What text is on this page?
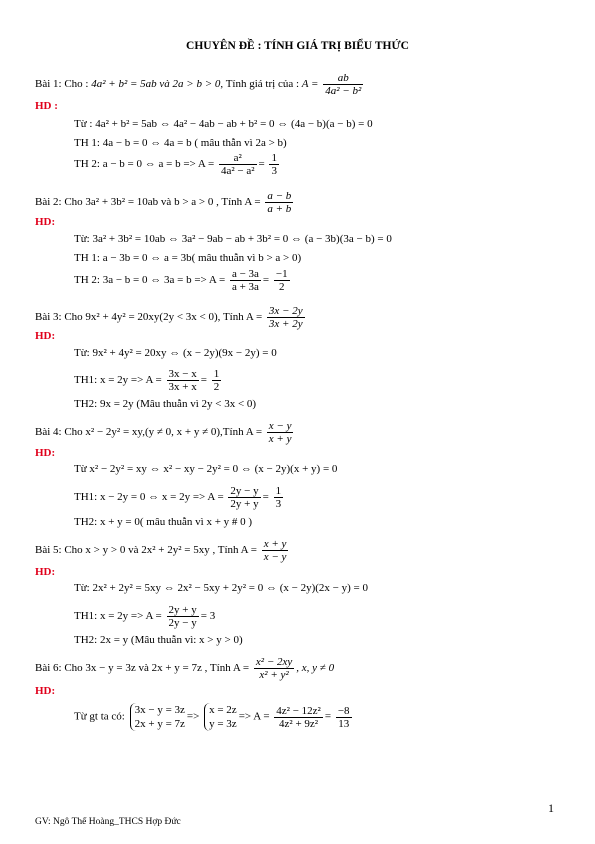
CHUYÊN ĐỀ : TÍNH GIÁ TRỊ BIỂU THỨC
Bài 1: Cho : 4a² + b² = 5ab và 2a > b > 0, Tính giá trị của : $A = \frac{ab}{\text{4a² − b²}}$
HD :
Từ : 4a² + b² = 5ab ⇔ 4a² − 4ab − ab + b² = 0 ⇔ (4a − b)(a − b) = 0
TH 1: 4a − b = 0 ⇔ 4a = b ( mâu thẫn vì 2a > b)
TH 2: a − b = 0 ⇔ $a = b => A = \frac{\text{a²}}{\text{4a² − a²}} = \frac{1}{3}$
Bài 2: Cho 3a² + 3b² = 10ab và b > a > 0 , Tính $A = \frac{a - b}{a + b}$
HD:
Từ: 3a² + 3b² = 10ab ⇔ 3a² − 9ab − ab + 3b² = 0 ⇔ (a − 3b)(3a − b) = 0
TH 1: a − 3b = 0 ⇔ a = 3b( mâu thuẫn vì b > a > 0)
TH 2: 3a − b = 0 ⇔ $3a = b => A = \frac{a - 3a}{a + 3a} = \frac{-1}{2}$
Bài 3: Cho 9x² + 4y² = 20xy(2y < 3x < 0), Tính $A = \frac{3x - 2y}{3x + 2y}$
HD:
Từ: 9x² + 4y² = 20xy ⇔ (x − 2y)(9x − 2y) = 0
TH1: $x = 2y => A = \frac{3x - x}{3x + x} = \frac{1}{2}$
TH2: 9x = 2y (Mâu thuẫn vì 2y < 3x < 0)
Bài 4: Cho x² − 2y² = xy,(y ≠ 0, x + y ≠ 0),Tính $A = \frac{x - y}{x + y}$
HD:
Từ x² − 2y² = xy ⇔ x² − xy − 2y² = 0 ⇔ (x − 2y)(x + y) = 0
TH1: x − 2y = 0 ⇔ $x = 2y => A = \frac{2y - y}{2y + y} = \frac{1}{3}$
TH2: x + y = 0( mâu thuẫn vì x + y # 0 )
Bài 5: Cho x > y > 0 và 2x² + 2y² = 5xy , Tính $A = \frac{x + y}{x - y}$
HD:
Từ: 2x² + 2y² = 5xy ⇔ 2x² − 5xy + 2y² = 0 ⇔ (x − 2y)(2x − y) = 0
TH1: $x = 2y => A = \frac{2y + y}{2y - y} = 3$
TH2: 2x = y (Mâu thuẫn vì: x > y > 0)
Bài 6: Cho 3x − y = 3z và 2x + y = 7z , Tính $A = \frac{\text{x² − 2xy}}{\text{x² + y²}}$ , x, y ≠ 0
HD:
Từ gt ta có:
3x − y = 3z
2x + y = 7z
=>
x = 2z
y = 3z
=> $A = \frac{\text{4z² − 12z²}}{\text{4z² + 9z²}} = \frac{-8}{13}$
1
GV: Ngô Thế Hoàng_THCS Hợp Đức
